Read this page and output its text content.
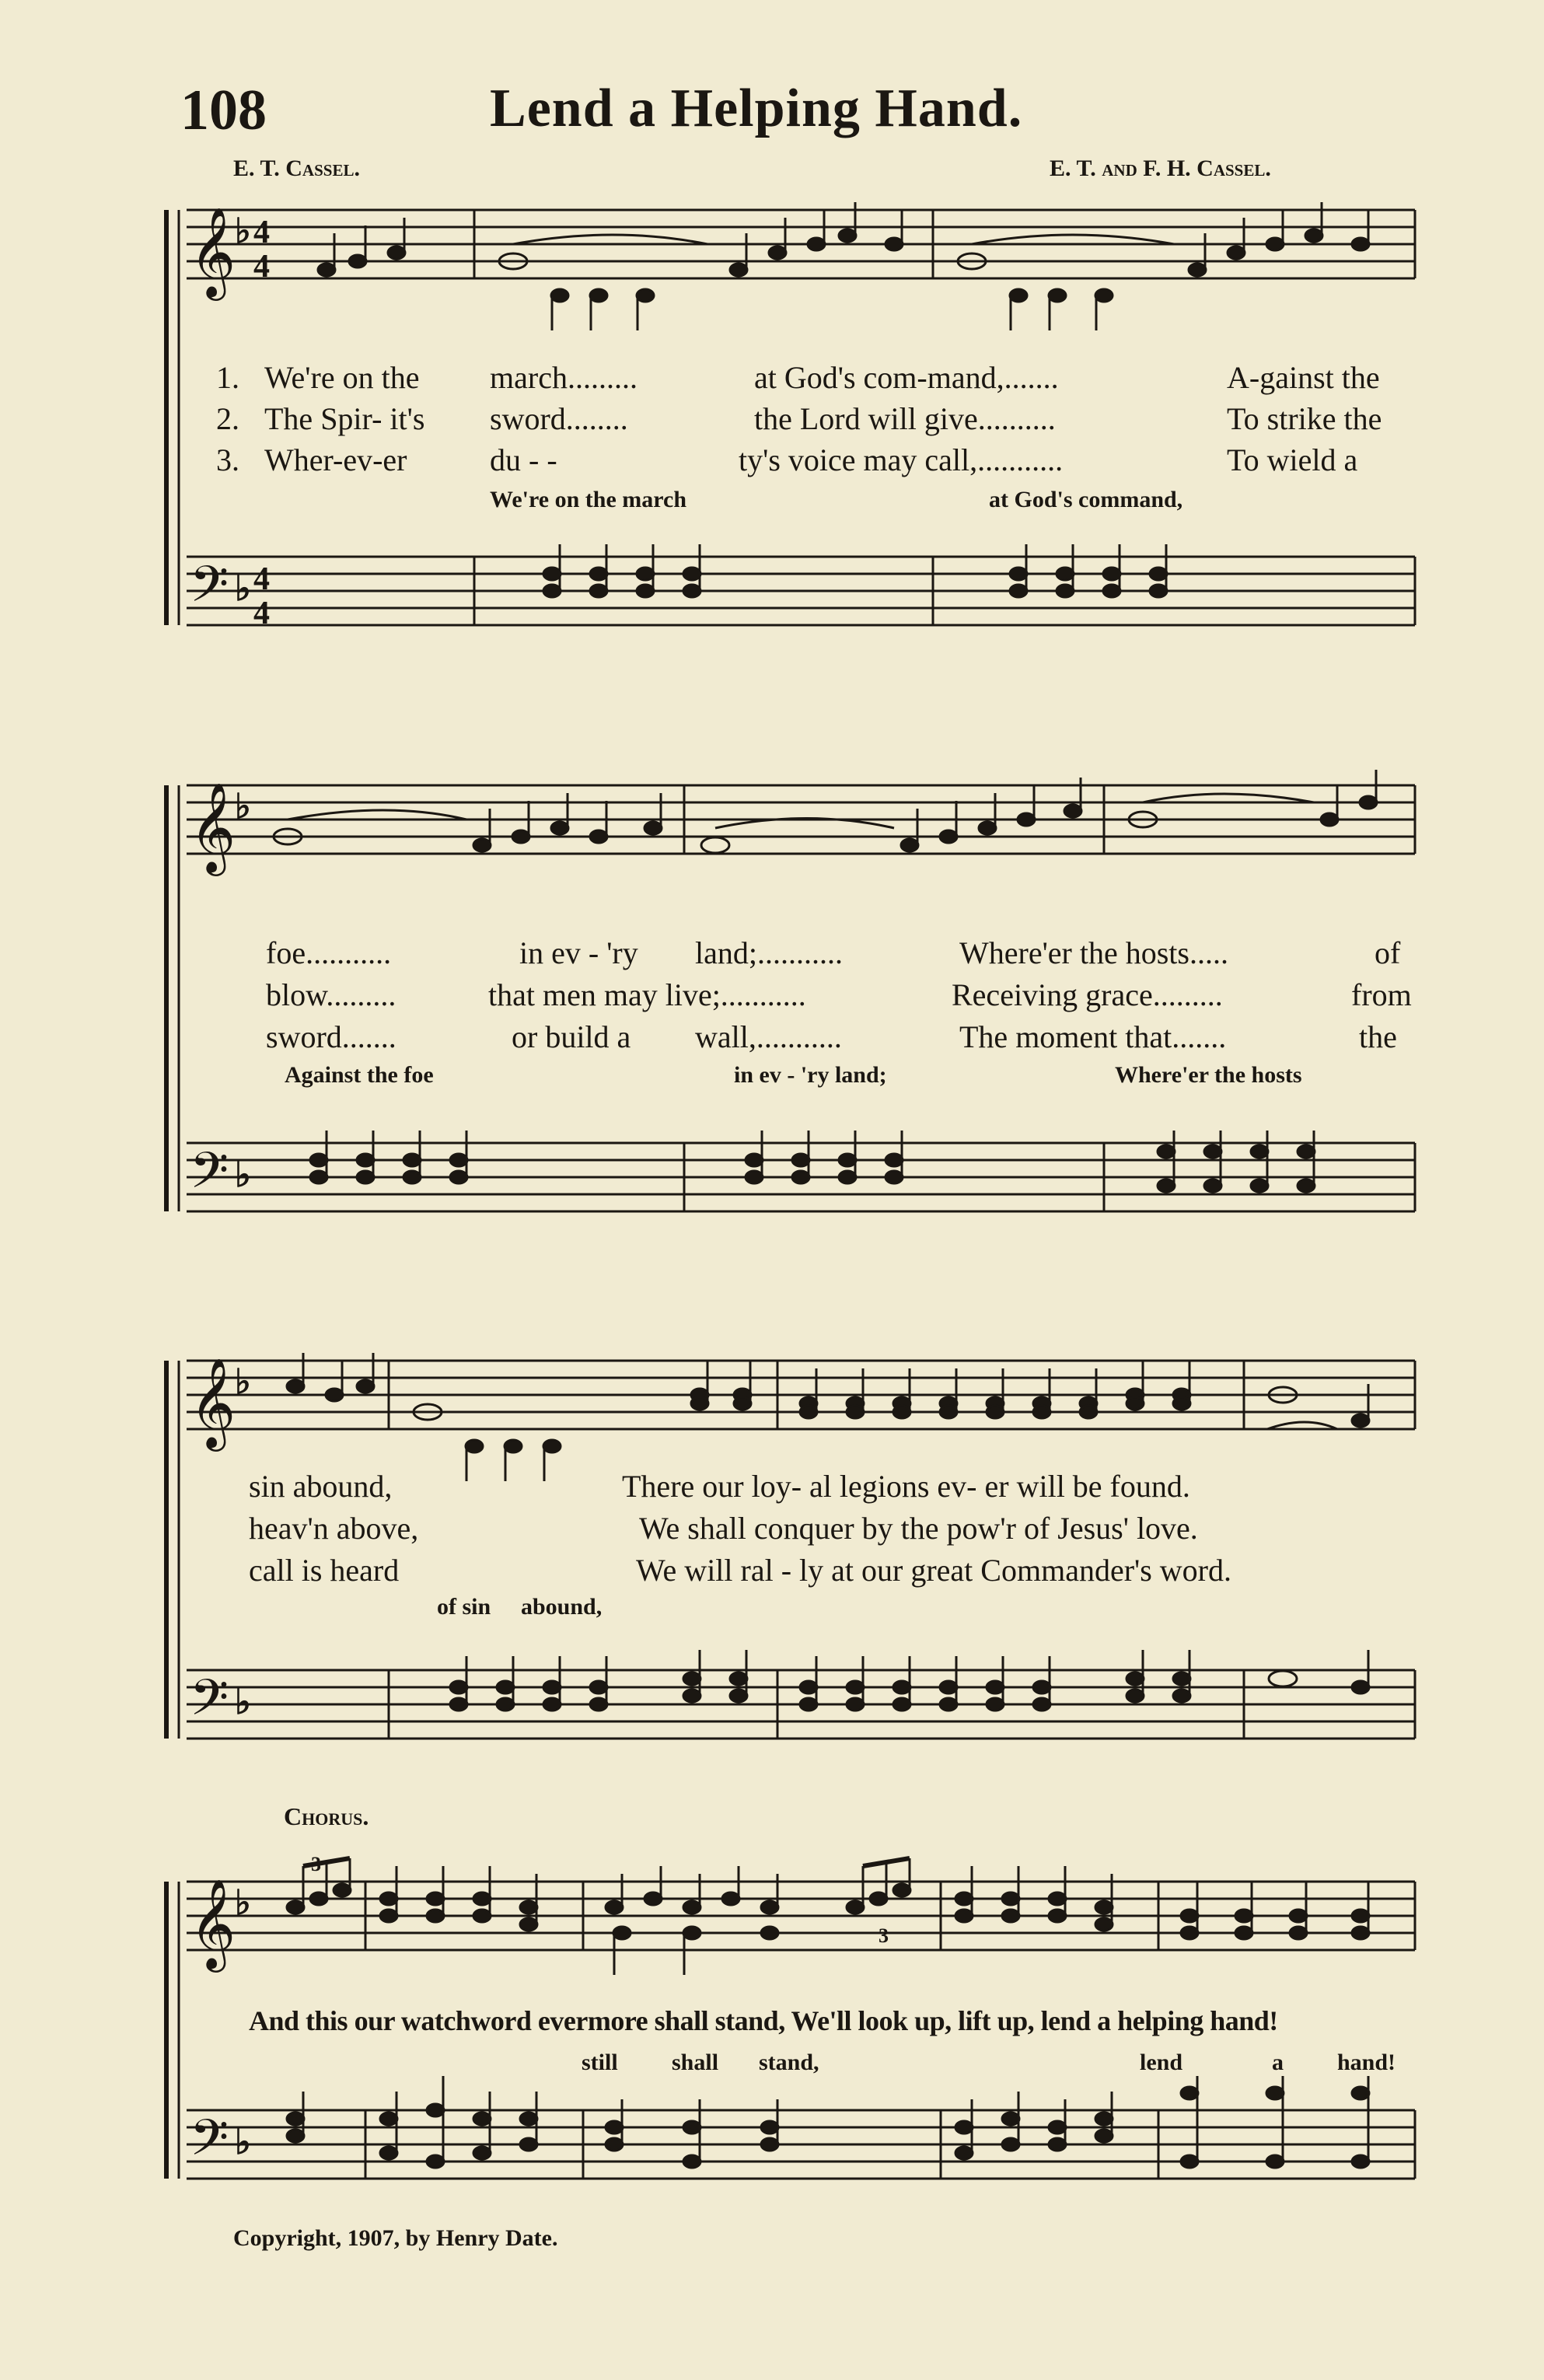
108	Lend a Helping Hand.
E. T. Cassel.	E. T. and F. H. Cassel.
𝄞
𝄢
♭
♭
4
4
4
4
1. We're on the march.........	at God's com-mand,.......	A-gainst the
2. The Spir- it's sword........	the Lord will give..........	To strike the
3. Wher-ev-er	du - -	ty's voice may call,...........	To wield a
We're on the march	at God's command,
𝄞
𝄢
♭
♭
foe...........	in ev - 'ry land;...........	Where'er the hosts.....	of
blow.........	that men may live;...........	Receiving grace.........	from
sword.......	or build a wall,...........	The moment that.......	the
Against the foe	in ev - 'ry land;	Where'er the hosts
𝄞
𝄢
♭
♭
sin abound,	There our loy- al legions ev- er will be found.
heav'n above,	We shall conquer by the pow'r of Jesus' love.
call is heard	We will ral - ly at our great Commander's word.
of sin abound,
Chorus.
𝄞
𝄢
♭
♭
3
And this our watchword evermore shall stand, We'll look up, lift up, lend a helping hand!
still shall stand,	lend	a hand!
Copyright, 1907, by Henry Date.
